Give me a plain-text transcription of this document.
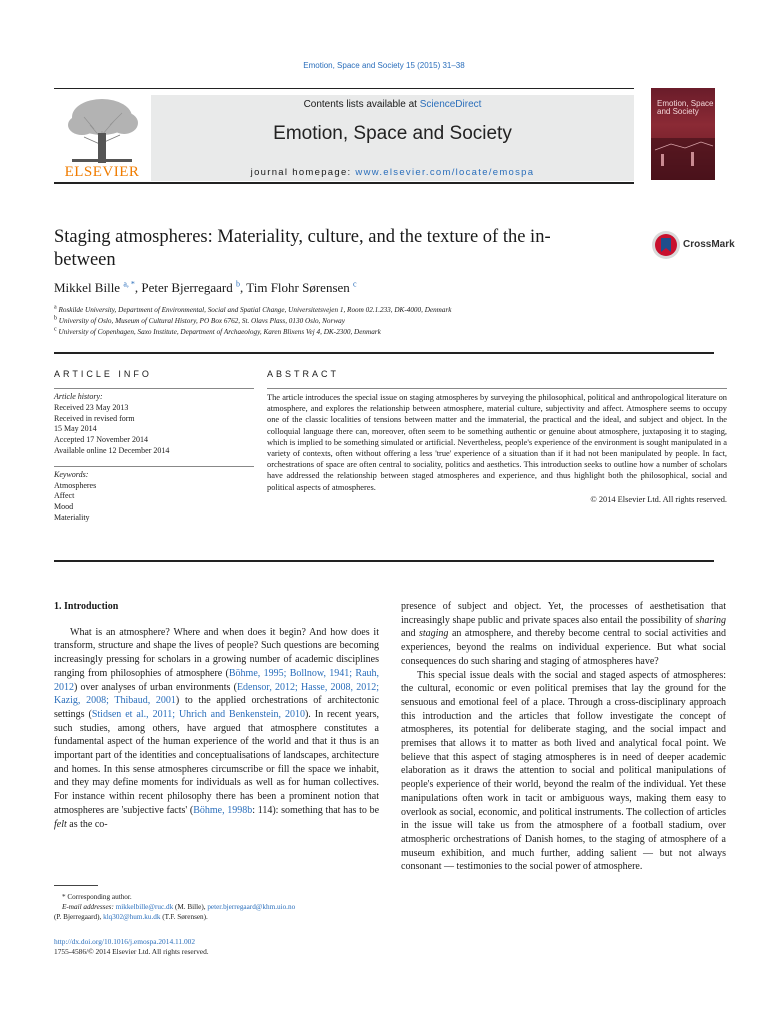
Emotion, Space and Society 15 (2015) 31–38
ELSEVIER
Contents lists available at ScienceDirect
Emotion, Space and Society
journal homepage: www.elsevier.com/locate/emospa
Emotion, Space and Society
Staging atmospheres: Materiality, culture, and the texture of the in-between
CrossMark
Mikkel Bille $^{a, *}$, Peter Bjerregaard $^b$, Tim Flohr Sørensen $^c$
$^a$ Roskilde University, Department of Environmental, Social and Spatial Change, Universitetsvejen 1, Room 02.1.233, DK-4000, Denmark
$^b$ University of Oslo, Museum of Cultural History, PO Box 6762, St. Olavs Plass, 0130 Oslo, Norway
$^c$ University of Copenhagen, Saxo Institute, Department of Archaeology, Karen Blixens Vej 4, DK-2300, Denmark
ARTICLE INFO	ABSTRACT
Article history:
Received 23 May 2013
Received in revised form
15 May 2014
Accepted 17 November 2014
Available online 12 December 2014
Keywords:
Atmospheres
Affect
Mood
Materiality
The article introduces the special issue on staging atmospheres by surveying the philosophical, political and anthropological literature on atmosphere, and explores the relationship between atmosphere, material culture, subjectivity and affect. Atmosphere seems to occupy one of the classic localities of tensions between matter and the immaterial, the practical and the ideal, and subject and object. In the colloquial language there can, moreover, often seem to be something authentic or genuine about atmosphere, juxtaposing it to staging, which is implied to be something simulated or artificial. Nevertheless, people's experience of the environment is sought manipulated in a variety of contexts, often without offering a less 'true' experience of a situation than if it had not been manipulated by people. In fact, orchestrations of space are often central to sociality, politics and aesthetics. This introduction seeks to outline how a number of scholars have addressed the relationship between staged atmospheres and experience, and thus highlight both the philosophical, social and political aspects of atmospheres.
© 2014 Elsevier Ltd. All rights reserved.
1. Introduction

What is an atmosphere? Where and when does it begin? And how does it transform, structure and shape the lives of people? Such questions are becoming increasingly pressing for scholars in a growing number of academic disciplines ranging from philosophies of atmosphere (Böhme, 1995; Bollnow, 1941; Rauh, 2012) over analyses of urban environments (Edensor, 2012; Hasse, 2008, 2012; Kazig, 2008; Thibaud, 2001) to the applied orchestrations of architectonic settings (Stidsen et al., 2011; Uhrich and Benkenstein, 2010). In recent years, such studies, among others, have argued that atmosphere constitutes a fundamental aspect of the human experience of the world and that it thus is an important part of the identities and conceptualisations of landscapes, architecture and homes. In this sense atmospheres circumscribe or fill the space we inhabit, and they may define moments for individuals as well as for human collectives. For instance within recent philosophy there has been a prominent notion that atmospheres are 'subjective facts' (Böhme, 1998b: 114): something that has to be felt as the co-

presence of subject and object. Yet, the processes of aesthetisation that increasingly shape public and private spaces also entail the possibility of sharing and staging an atmosphere, and thereby become central to social activities and experiences, beyond the realms on individual experience. But what social consequences do such sharing and staging of atmospheres have?

This special issue deals with the social and staged aspects of atmospheres: the cultural, economic or even political premises that lay the ground for the sensuous and emotional feel of a place. Through a cross-disciplinary approach this introduction and the articles that follow investigate the concept of atmospheres, its potential for deliberate staging, and the social impact and premises that allows it to matter as both lived and analytical focal point. We believe that this aspect of staging atmospheres is in need of deeper academic elaboration as it draws the attention to social and political manipulations of people's experience of their world, beyond the realm of the individual. Yet these manipulations often work in tacit or ambiguous ways, making them easy to overlook as social, economic, and political instruments. The collection of articles in the issue will take us from the atmosphere of a football stadium, over atmospheric orchestrations of Danish homes, to the staging of atmosphere of a museum exhibition, and much further, adding salient — but not always consonant — testimonies to the social power of atmosphere.

* Corresponding author.
E-mail addresses: mikkelbille@ruc.dk (M. Bille), peter.bjerregaard@khm.uio.no
(P. Bjerregaard), klq302@hum.ku.dk (T.F. Sørensen).
http://dx.doi.org/10.1016/j.emospa.2014.11.002
1755-4586/© 2014 Elsevier Ltd. All rights reserved.
